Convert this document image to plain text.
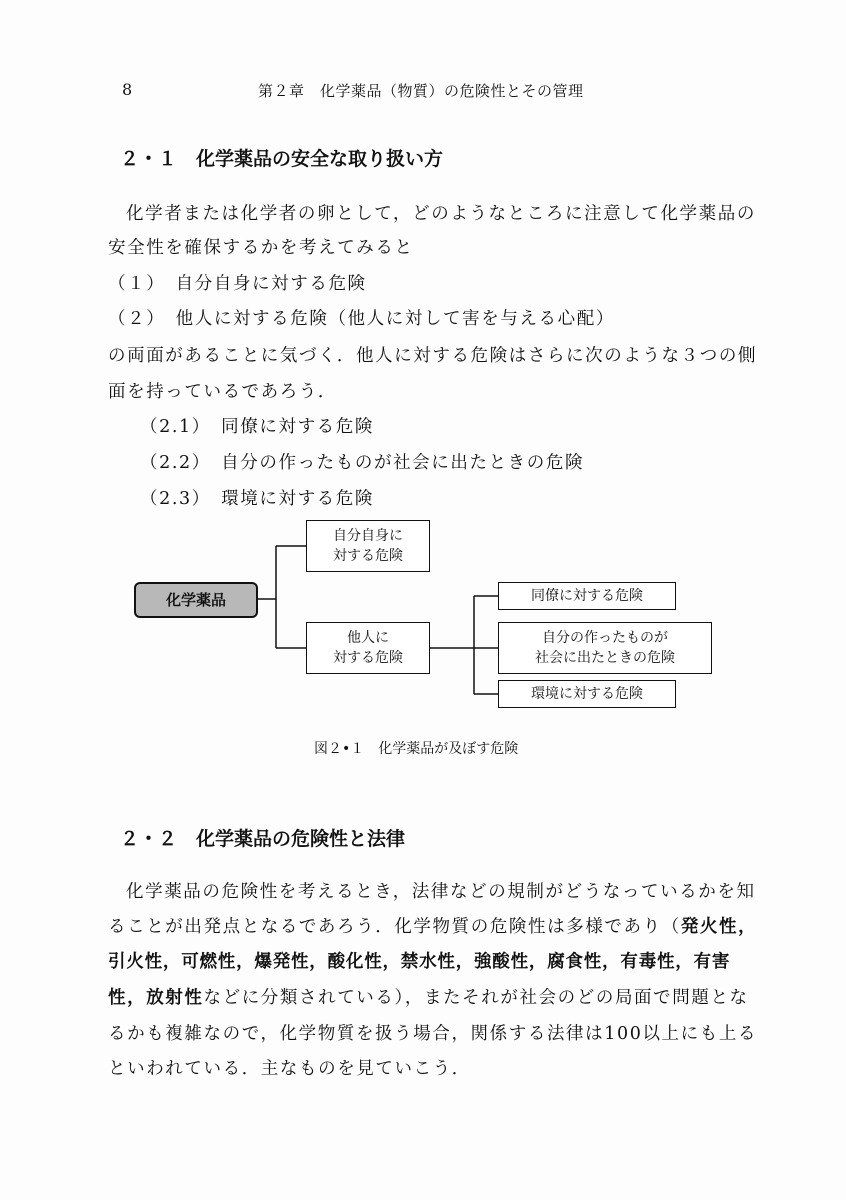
8	第２章　化学薬品（物質）の危険性とその管理
２・１　化学薬品の安全な取り扱い方
化学者または化学者の卵として，どのようなところに注意して化学薬品の
安全性を確保するかを考えてみると
（１）　自分自身に対する危険
（２）　他人に対する危険（他人に対して害を与える心配）
の両面があることに気づく．他人に対する危険はさらに次のような３つの側
面を持っているであろう．
（2.1）　同僚に対する危険
（2.2）　自分の作ったものが社会に出たときの危険
（2.3）　環境に対する危険
化学薬品
自分自身に
対する危険
他人に
対する危険
同僚に対する危険
自分の作ったものが
社会に出たときの危険
環境に対する危険
図２•１　化学薬品が及ぼす危険
２・２　化学薬品の危険性と法律
化学薬品の危険性を考えるとき，法律などの規制がどうなっているかを知
ることが出発点となるであろう．化学物質の危険性は多様であり（発火性，
引火性，可燃性，爆発性，酸化性，禁水性，強酸性，腐食性，有毒性，有害
性，放射性などに分類されている），またそれが社会のどの局面で問題とな
るかも複雑なので，化学物質を扱う場合，関係する法律は100以上にも上る
といわれている．主なものを見ていこう．
